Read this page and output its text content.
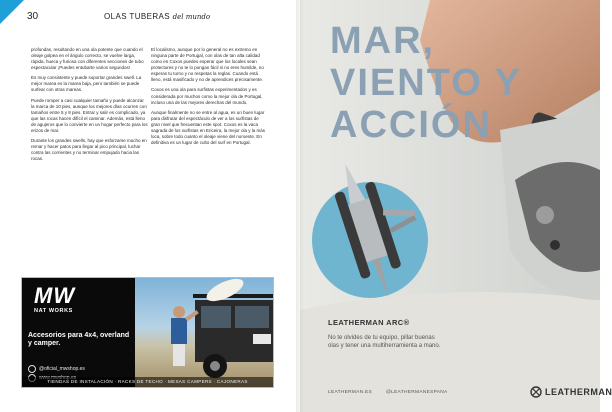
30	OLAS TUBERAS del mundo

profundas, resultando en una ola potente que cuando el oleaje golpea en el ángulo correcto, se vuelve larga, rápida, hueca y furiosa con diferentes secciones de tubo espectacular ¡Puedes entubarte varios segundos!

Es muy consistente y puede soportar grandes swell. La mejor marea es la marea baja, pero también se puede surfear con otras mareas.

Puede romper a casi cualquier tamaño y puede alcanzar la marca de 10 pies, aunque los mejores días ocurren con tamaños entre 5 y 8 pies. Entrar y salir es complicado, ya que las rocas hacen difícil el caminar. Además, está lleno de agujeros que lo convierte en un hogar perfecto para los erizos de mar.

Durante los grandes swells, hay que esforzarse mucho en remar y hacer patos para llegar al pico principal, luchar contra las corrientes y no terminar empujado hacia las rocas.

El localismo, aunque por lo general no es extremo en ninguna parte de Portugal, con olas de tan alta calidad como en Coxos puedes esperar que los locales sean protectores y no te lo pongan fácil si no eres humilde, no esperas tu turno y no respetas la reglas. Cuando está lleno, está masificado y no de aprendices precisamente.

Coxos es una ola para surfistas experimentados y es considerada por muchos como la mejor ola de Portugal, incluso una de las mejores derechas del mundo.

Aunque finalmente no se entre al agua, es un buen lugar para disfrutar del espectáculo de ver a los surfistas de gran nivel que frecuentan este spot. Coxos es la vaca sagrada de los surfistas en Ericeira, la mejor ola y la más loca, sobre todo cuanto el oleaje viene del noroeste. En definitiva es un lugar de culto del surf en Portugal.

MW
NAT WORKS
Accesorios para 4x4, overland y camper.
@oficial_mwshop.es
TIENDAS DE INSTALACIÓN · RACKS DE TECHO · MESAS CAMPERS · CAJONERAS
MAR,
VIENTO Y
ACCIÓN
LEATHERMAN ARC®
No te olvides de tu equipo, pillar buenas olas y tener una multiherramienta a mano.
LEATHERMAN.ES	@LEATHERMANESPANA	LEATHERMAN
